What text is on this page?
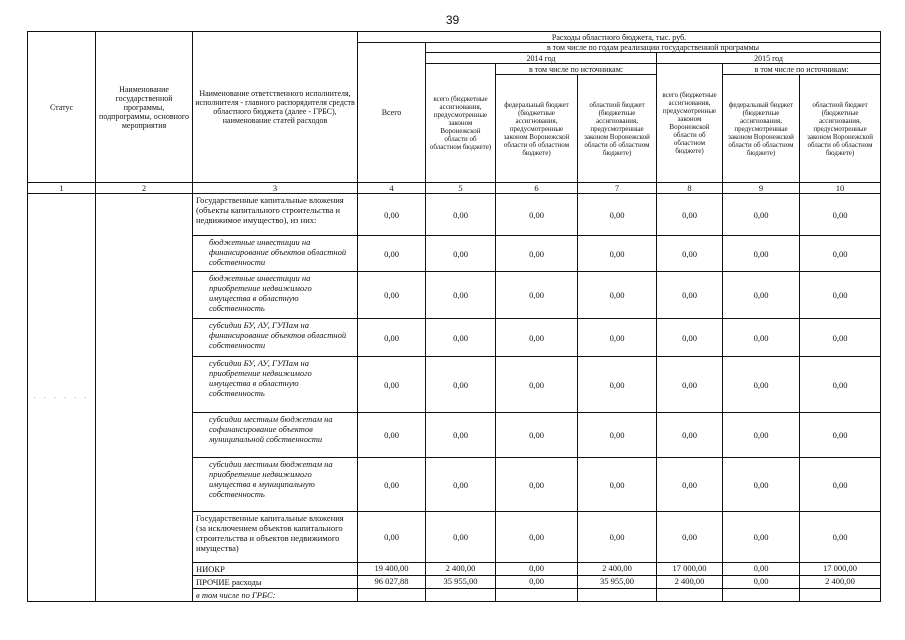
39
Статус	Наименование государственной программы, подпрограммы, основного мероприятия	Наименование ответственного исполнителя, исполнителя - главного распорядителя средств областного бюджета (далее - ГРБС), наименование статей расходов	Расходы областного бюджета, тыс. руб.						
			Всего	в том числе по годам реализации государственной программы					
				2014 год			2015 год		
				всего (бюджетные ассигнования, предусмотренные законом Воронежской области об областном бюджете)	в том числе по источникам:		всего (бюджетные ассигнования, предусмотренные законом Воронежской области об областном бюджете)	в том числе по источникам:	
					федеральный бюджет (бюджетные ассигнования, предусмотренные законом Воронежской области об областном бюджете)	областной бюджет (бюджетные ассигнования, предусмотренные законом Воронежской области об областном бюджете)		федеральный бюджет (бюджетные ассигнования, предусмотренные законом Воронежской области об областном бюджете)	областной бюджет (бюджетные ассигнования, предусмотренные законом Воронежской области об областном бюджете)
1	2	3	4	5	6	7	8	9	10
· · · · · ·		Государственные капитальные вложения (объекты капитального строительства и недвижимое имущество), из них:	0,00	0,00	0,00	0,00	0,00	0,00	0,00
		бюджетные инвестиции на финансирование объектов областной собственности	0,00	0,00	0,00	0,00	0,00	0,00	0,00
		бюджетные инвестиции на приобретение недвижимого имущества в областную собственность	0,00	0,00	0,00	0,00	0,00	0,00	0,00
		субсидии БУ, АУ, ГУПам на финансирование объектов областной собственности	0,00	0,00	0,00	0,00	0,00	0,00	0,00
		субсидии БУ, АУ, ГУПам на приобретение недвижимого имущества в областную собственность	0,00	0,00	0,00	0,00	0,00	0,00	0,00
		субсидии местным бюджетам на софинансирование объектов муниципальной собственности	0,00	0,00	0,00	0,00	0,00	0,00	0,00
		субсидии местным бюджетам на приобретение недвижимого имущества в муниципальную собственность	0,00	0,00	0,00	0,00	0,00	0,00	0,00
		Государственные капитальные вложения (за исключением объектов капитального строительства и объектов недвижимого имущества)	0,00	0,00	0,00	0,00	0,00	0,00	0,00
		НИОКР	19 400,00	2 400,00	0,00	2 400,00	17 000,00	0,00	17 000,00
		ПРОЧИЕ расходы	96 027,88	35 955,00	0,00	35 955,00	2 400,00	0,00	2 400,00
		в том числе по ГРБС:							
